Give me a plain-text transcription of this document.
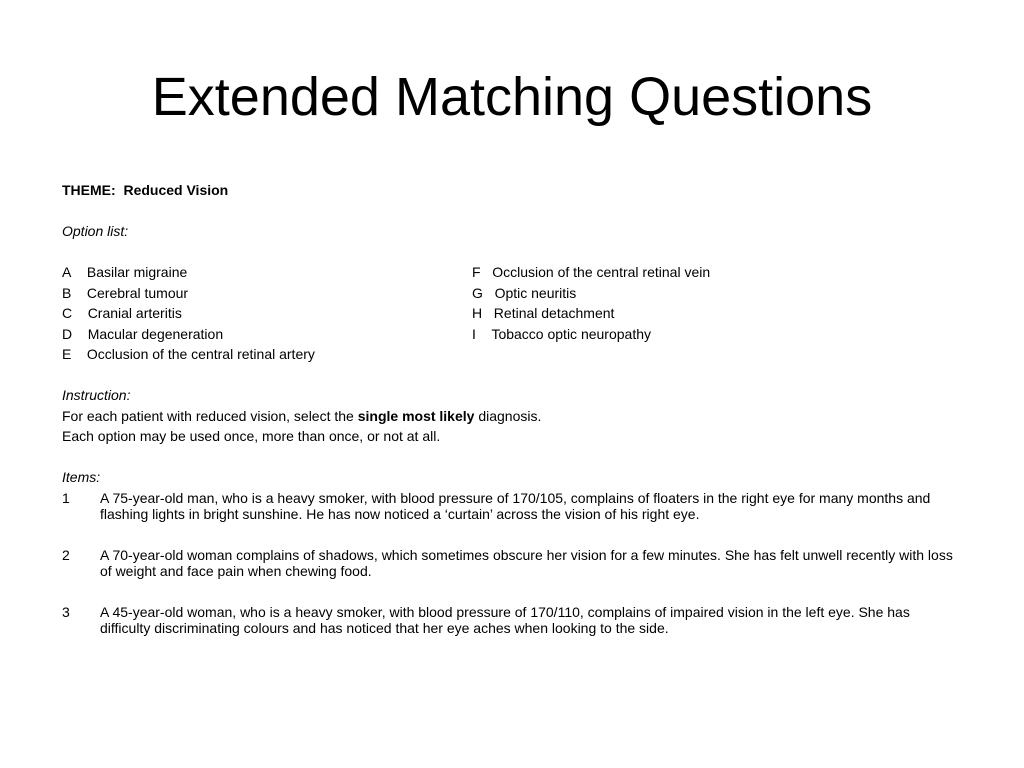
Extended Matching Questions
THEME: Reduced Vision
Option list:
A Basilar migraine
B Cerebral tumour
C Cranial arteritis
D Macular degeneration
E Occlusion of the central retinal artery
F Occlusion of the central retinal vein
G Optic neuritis
H Retinal detachment
I Tobacco optic neuropathy
Instruction:
For each patient with reduced vision, select the single most likely diagnosis.
Each option may be used once, more than once, or not at all.
Items:
1 A 75-year-old man, who is a heavy smoker, with blood pressure of 170/105, complains of floaters in the right eye for many months and flashing lights in bright sunshine. He has now noticed a ‘curtain’ across the vision of his right eye.
2 A 70-year-old woman complains of shadows, which sometimes obscure her vision for a few minutes. She has felt unwell recently with loss of weight and face pain when chewing food.
3 A 45-year-old woman, who is a heavy smoker, with blood pressure of 170/110, complains of impaired vision in the left eye. She has difficulty discriminating colours and has noticed that her eye aches when looking to the side.
